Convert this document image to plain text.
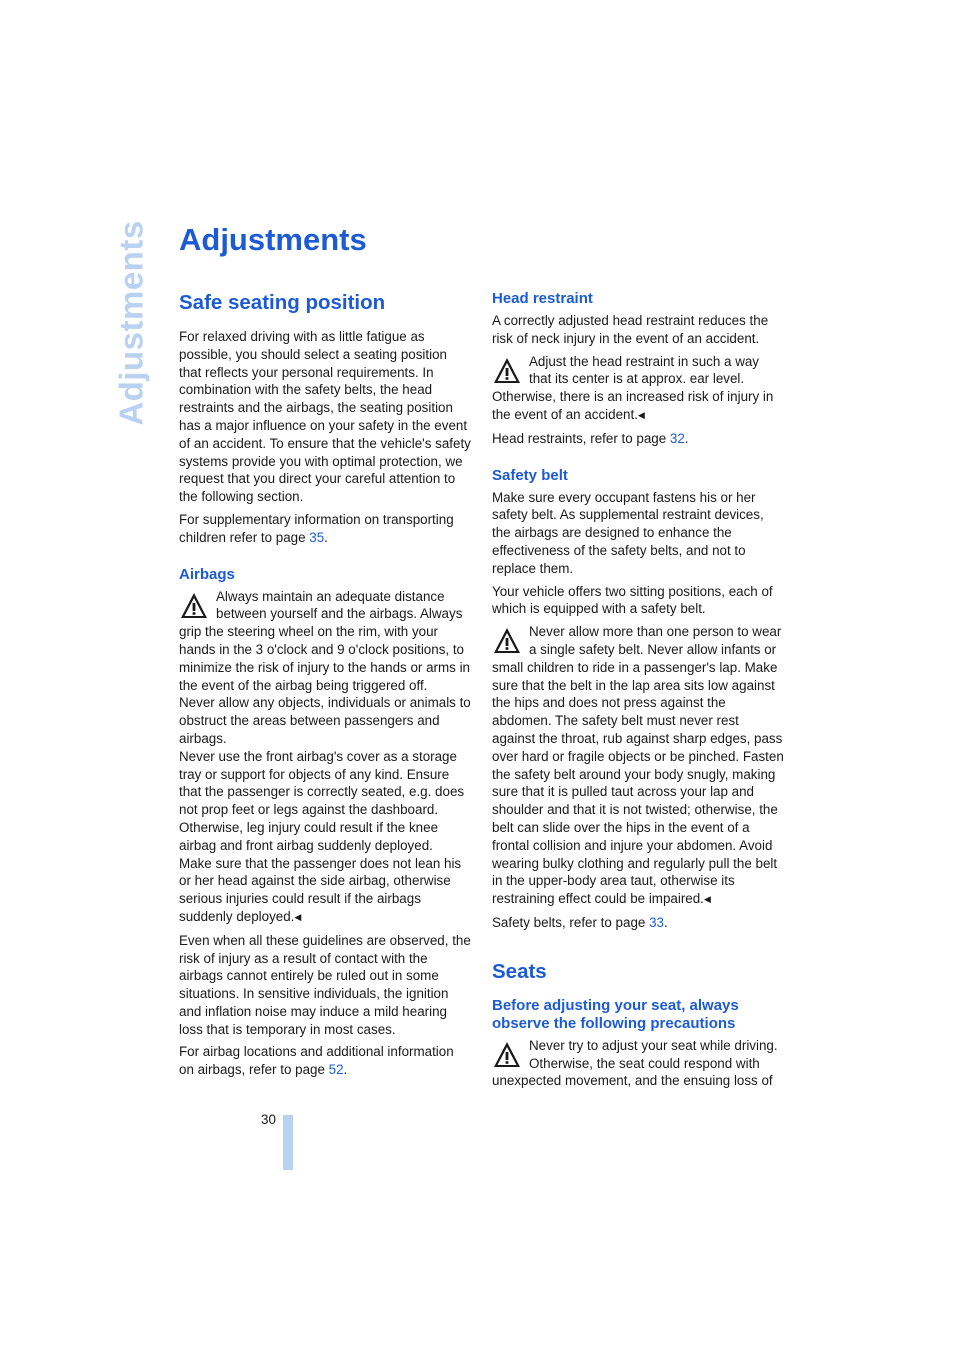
Adjustments Adjustments
Safe seating position

For relaxed driving with as little fatigue as possible, you should select a seating position that reflects your personal requirements. In combination with the safety belts, the head restraints and the airbags, the seating position has a major influence on your safety in the event of an accident. To ensure that the vehicle's safety systems provide you with optimal protection, we request that you direct your careful attention to the following section.

For supplementary information on transporting children refer to page 35.

Airbags
Always maintain an adequate distance between yourself and the airbags. Always grip the steering wheel on the rim, with your hands in the 3 o'clock and 9 o'clock positions, to minimize the risk of injury to the hands or arms in the event of the airbag being triggered off.
Never allow any objects, individuals or animals to obstruct the areas between passengers and airbags.
Never use the front airbag's cover as a storage tray or support for objects of any kind. Ensure that the passenger is correctly seated, e.g. does not prop feet or legs against the dashboard. Otherwise, leg injury could result if the knee airbag and front airbag suddenly deployed.
Make sure that the passenger does not lean his or her head against the side airbag, otherwise serious injuries could result if the airbags suddenly deployed.◀

Even when all these guidelines are observed, the risk of injury as a result of contact with the airbags cannot entirely be ruled out in some situations. In sensitive individuals, the ignition and inflation noise may induce a mild hearing loss that is temporary in most cases.

For airbag locations and additional information on airbags, refer to page 52.

Head restraint

A correctly adjusted head restraint reduces the risk of neck injury in the event of an accident.

Adjust the head restraint in such a way that its center is at approx. ear level. Otherwise, there is an increased risk of injury in the event of an accident.◀

Head restraints, refer to page 32.

Safety belt

Make sure every occupant fastens his or her safety belt. As supplemental restraint devices, the airbags are designed to enhance the effectiveness of the safety belts, and not to replace them.

Your vehicle offers two sitting positions, each of which is equipped with a safety belt.

Never allow more than one person to wear a single safety belt. Never allow infants or small children to ride in a passenger's lap. Make sure that the belt in the lap area sits low against the hips and does not press against the abdomen. The safety belt must never rest against the throat, rub against sharp edges, pass over hard or fragile objects or be pinched. Fasten the safety belt around your body snugly, making sure that it is pulled taut across your lap and shoulder and that it is not twisted; otherwise, the belt can slide over the hips in the event of a frontal collision and injure your abdomen. Avoid wearing bulky clothing and regularly pull the belt in the upper-body area taut, otherwise its restraining effect could be impaired.◀

Safety belts, refer to page 33.

Seats
Before adjusting your seat, always observe the following precautions
Never try to adjust your seat while driving. Otherwise, the seat could respond with unexpected movement, and the ensuing loss of
30
